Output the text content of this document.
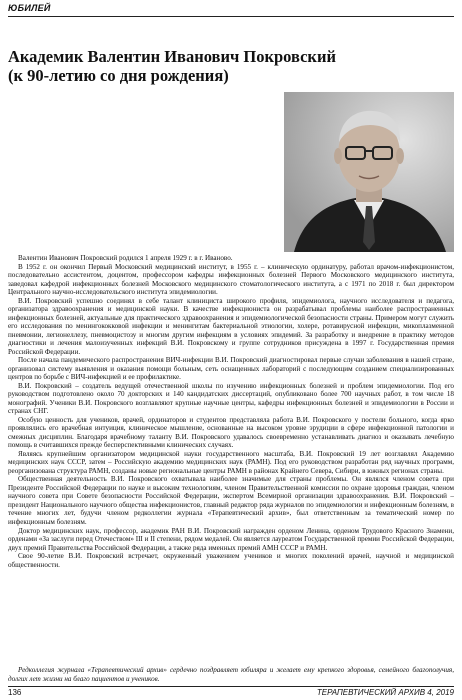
ЮБИЛЕЙ
Академик Валентин Иванович Покровский
(к 90-летию со дня рождения)

Валентин Иванович Покровский родился 1 апреля 1929 г. в г. Иваново.

В 1952 г. он окончил Первый Московский медицинский институт, в 1955 г. – клиническую ординатуру, работал врачом-инфекционистом, последовательно ассистентом, доцентом, профессором кафедры инфекционных болезней Первого Московского медицинского института, заведовал кафедрой инфекционных болезней Московского медицинского стоматологического института, а с 1971 по 2018 г. был директором Центрального научно-исследовательского института эпидемиологии.

В.И. Покровский успешно соединял в себе талант клинициста широкого профиля, эпидемиолога, научного исследователя и педагога, организатора здравоохранения и медицинской науки. В качестве инфекциониста он разрабатывал проблемы наиболее распространенных инфекционных болезней, актуальные для практического здравоохранения и эпидемиологической безопасности страны. Примером могут служить его исследования по менингококковой инфекции и менингитам бактериальной этиологии, холере, ротавирусной инфекции, микоплазменной пневмонии, легионеллезу, пневмоцистозу и многим другим инфекциям в условиях эпидемий. За разработку и внедрение в практику методов диагностики и лечения малоизученных инфекций В.И. Покровскому и группе сотрудников присуждена в 1997 г. Государственная премия Российской Федерации.

После начала пандемического распространения ВИЧ-инфекции В.И. Покровский диагностировал первые случаи заболевания в нашей стране, организовал систему выявления и оказания помощи больным, сеть оснащенных лабораторий с последующим созданием специализированных центров по борьбе с ВИЧ-инфекцией и ее профилактике.

В.И. Покровский – создатель ведущей отечественной школы по изучению инфекционных болезней и проблем эпидемиологии. Под его руководством подготовлено около 70 докторских и 140 кандидатских диссертаций, опубликовано более 700 научных работ, в том числе 18 монографий. Ученики В.И. Покровского возглавляют крупные научные центры, кафедры инфекционных болезней и эпидемиологии в России и странах СНГ.

Особую ценность для учеников, врачей, ординаторов и студентов представляла работа В.И. Покровского у постели больного, когда ярко проявлялись его врачебная интуиция, клиническое мышление, основанные на высоком уровне эрудиции в сфере инфекционной патологии и смежных дисциплин. Благодаря врачебному таланту В.И. Покровского удавалось своевременно устанавливать диагноз и оказывать лечебную помощь в считавшихся прежде бесперспективными клинических случаях.

Являясь крупнейшим организатором медицинской науки государственного масштаба, В.И. Покровский 19 лет возглавлял Академию медицинских наук СССР, затем – Российскую академию медицинских наук (РАМН). Под его руководством разработан ряд научных программ, реорганизована структура РАМН, созданы новые региональные центры РАМН в районах Крайнего Севера, Сибири, в южных регионах страны.

Общественная деятельность В.И. Покровского охватывала наиболее значимые для страны проблемы. Он являлся членом совета при Президенте Российской Федерации по науке и высоким технологиям, членом Правительственной комиссии по охране здоровья граждан, членом научного совета при Совете безопасности Российской Федерации, экспертом Всемирной организации здравоохранения. В.И. Покровский – президент Национального научного общества инфекционистов, главный редактор ряда журналов по эпидемиологии и инфекционным болезням, в течение многих лет, будучи членом редколлегии журнала «Терапевтический архив», был ответственным за тематический номер по инфекционным болезням.

Доктор медицинских наук, профессор, академик РАН В.И. Покровский награжден орденом Ленина, орденом Трудового Красного Знамени, орденами «За заслуги перед Отечеством» III и II степени, рядом медалей. Он является лауреатом Государственной премии Российской Федерации, двух премий Правительства Российской Федерации, а также ряда именных премий АМН СССР и РАМН.

Свое 90-летие В.И. Покровский встречает, окруженный уважением учеников и многих поколений врачей, научной и медицинской общественности.

Редколлегия журнала «Терапевтический архив» сердечно поздравляет юбиляра и желает ему крепкого здоровья, семейного благополучия, долгих лет жизни на благо пациентов и учеников.
136	ТЕРАПЕВТИЧЕСКИЙ АРХИВ 4, 2019
